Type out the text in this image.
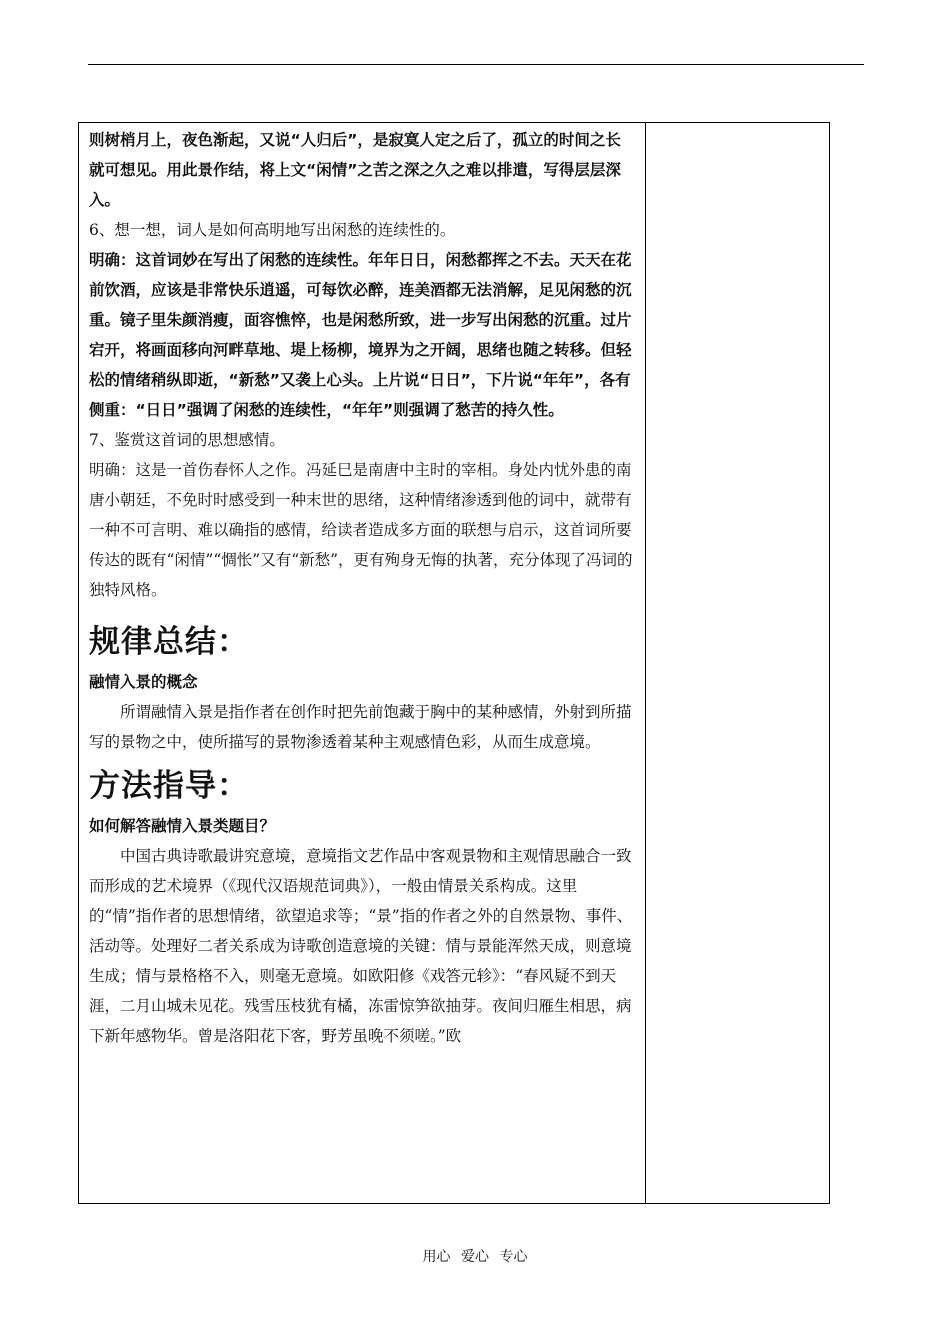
则树梢月上，夜色渐起，又说“人归后”，是寂寞人定之后了，孤立的时间之长就可想见。用此景作结，将上文“闲情”之苦之深之久之难以排遣，写得层层深入。

6、想一想，词人是如何高明地写出闲愁的连续性的。

明确：这首词妙在写出了闲愁的连续性。年年日日，闲愁都挥之不去。天天在花前饮酒，应该是非常快乐逍遥，可每饮必醉，连美酒都无法消解，足见闲愁的沉重。镜子里朱颜消瘦，面容憔悴，也是闲愁所致，进一步写出闲愁的沉重。过片宕开，将画面移向河畔草地、堤上杨柳，境界为之开阔，思绪也随之转移。但轻松的情绪稍纵即逝，“新愁”又袭上心头。上片说“日日”，下片说“年年”，各有侧重：“日日”强调了闲愁的连续性，“年年”则强调了愁苦的持久性。

7、鉴赏这首词的思想感情。

明确：这是一首伤春怀人之作。冯延巳是南唐中主时的宰相。身处内忧外患的南唐小朝廷，不免时时感受到一种末世的思绪，这种情绪渗透到他的词中，就带有一种不可言明、难以确指的感情，给读者造成多方面的联想与启示，这首词所要传达的既有“闲情”“惆怅”又有“新愁”，更有殉身无悔的执著，充分体现了冯词的独特风格。

规律总结：

融情入景的概念

所谓融情入景是指作者在创作时把先前饱藏于胸中的某种感情，外射到所描写的景物之中，使所描写的景物渗透着某种主观感情色彩，从而生成意境。

方法指导：

如何解答融情入景类题目？

中国古典诗歌最讲究意境，意境指文艺作品中客观景物和主观情思融合一致而形成的艺术境界（《现代汉语规范词典》），一般由情景关系构成。这里的“情”指作者的思想情绪，欲望追求等；“景”指的作者之外的自然景物、事件、活动等。处理好二者关系成为诗歌创造意境的关键：情与景能浑然天成，则意境生成；情与景格格不入，则毫无意境。如欧阳修《戏答元轸》：“春风疑不到天涯，二月山城未见花。残雪压枝犹有橘，冻雷惊笋欲抽芽。夜间归雁生相思，病下新年感物华。曾是洛阳花下客，野芳虽晚不须嗟。”欧

用心 爱心 专心
